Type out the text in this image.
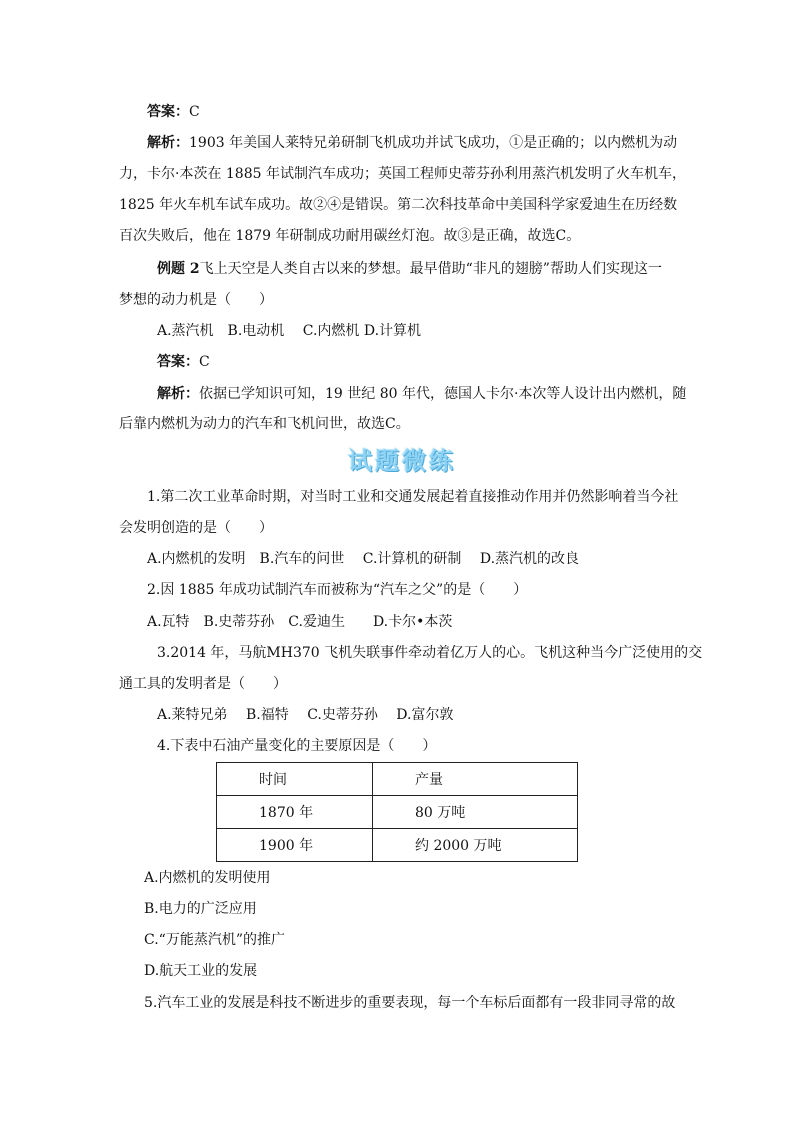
答案：C
解析：1903 年美国人莱特兄弟研制飞机成功并试飞成功，①是正确的；以内燃机为动
力，卡尔·本茨在 1885 年试制汽车成功；英国工程师史蒂芬孙利用蒸汽机发明了火车机车，
1825 年火车机车试车成功。故②④是错误。第二次科技革命中美国科学家爱迪生在历经数
百次失败后，他在 1879 年研制成功耐用碳丝灯泡。故③是正确，故选C。
例题 2飞上天空是人类自古以来的梦想。最早借助“非凡的翅膀”帮助人们实现这一
梦想的动力机是（　　）
A.蒸汽机　B.电动机　 C.内燃机 D.计算机
答案：C
解析：依据已学知识可知，19 世纪 80 年代，德国人卡尔·本次等人设计出内燃机，随
后靠内燃机为动力的汽车和飞机问世，故选C。
试题微练
1.第二次工业革命时期，对当时工业和交通发展起着直接推动作用并仍然影响着当今社
会发明创造的是（　　）
A.内燃机的发明　B.汽车的问世　 C.计算机的研制　 D.蒸汽机的改良
2.因 1885 年成功试制汽车而被称为“汽车之父”的是（　　）
A.瓦特　B.史蒂芬孙　C.爱迪生　　D.卡尔•本茨
3.2014 年，马航MH370 飞机失联事件牵动着亿万人的心。飞机这种当今广泛使用的交
通工具的发明者是（　　）
A.莱特兄弟　 B.福特　 C.史蒂芬孙　 D.富尔敦
4.下表中石油产量变化的主要原因是（　　）
时间	产量
1870 年	80 万吨
1900 年	约 2000 万吨
A.内燃机的发明使用
B.电力的广泛应用
C.“万能蒸汽机”的推广
D.航天工业的发展
5.汽车工业的发展是科技不断进步的重要表现，每一个车标后面都有一段非同寻常的故
